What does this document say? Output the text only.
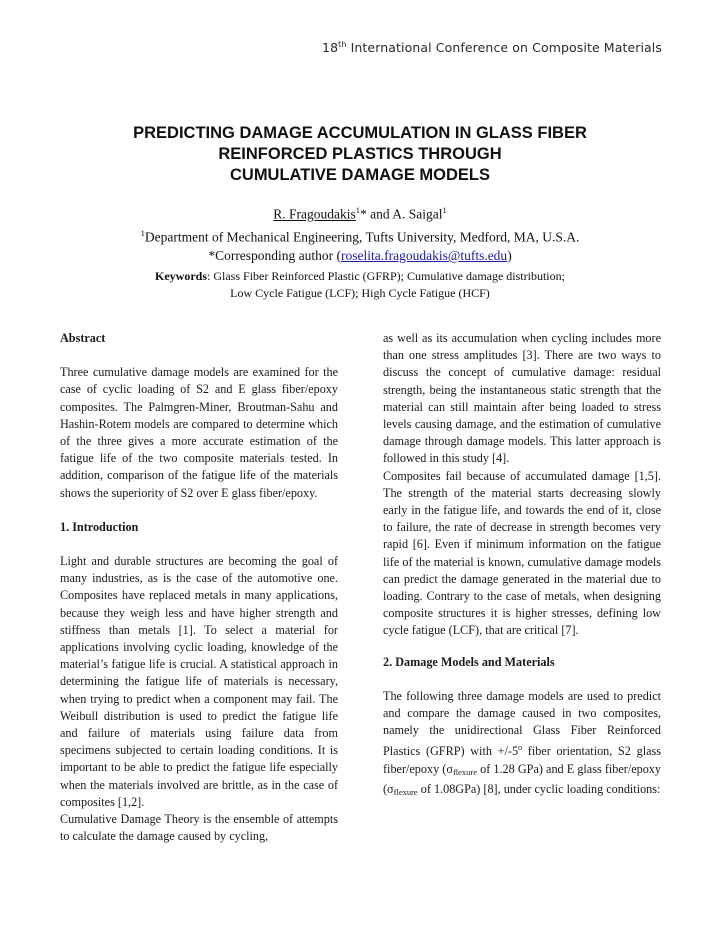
18th International Conference on Composite Materials
PREDICTING DAMAGE ACCUMULATION IN GLASS FIBER
REINFORCED PLASTICS THROUGH
CUMULATIVE DAMAGE MODELS
R. Fragoudakis$^1$* and A. Saigal$^1$
$^1$Department of Mechanical Engineering, Tufts University, Medford, MA, U.S.A.
*Corresponding author (roselita.fragoudakis@tufts.edu)
Keywords: Glass Fiber Reinforced Plastic (GFRP); Cumulative damage distribution;
Low Cycle Fatigue (LCF); High Cycle Fatigue (HCF)

Abstract

Three cumulative damage models are examined for the case of cyclic loading of S2 and E glass fiber/epoxy composites. The Palmgren-Miner, Broutman-Sahu and Hashin-Rotem models are compared to determine which of the three gives a more accurate estimation of the fatigue life of the two composite materials tested. In addition, comparison of the fatigue life of the materials shows the superiority of S2 over E glass fiber/epoxy.

1. Introduction

Light and durable structures are becoming the goal of many industries, as is the case of the automotive one. Composites have replaced metals in many applications, because they weigh less and have higher strength and stiffness than metals [1]. To select a material for applications involving cyclic loading, knowledge of the material’s fatigue life is crucial. A statistical approach in determining the fatigue life of materials is necessary, when trying to predict when a component may fail. The Weibull distribution is used to predict the fatigue life and failure of materials using failure data from specimens subjected to certain loading conditions. It is important to be able to predict the fatigue life especially when the materials involved are brittle, as in the case of composites [1,2].

Cumulative Damage Theory is the ensemble of attempts to calculate the damage caused by cycling,

as well as its accumulation when cycling includes more than one stress amplitudes [3]. There are two ways to discuss the concept of cumulative damage: residual strength, being the instantaneous static strength that the material can still maintain after being loaded to stress levels causing damage, and the estimation of cumulative damage through damage models. This latter approach is followed in this study [4].

Composites fail because of accumulated damage [1,5]. The strength of the material starts decreasing slowly early in the fatigue life, and towards the end of it, close to failure, the rate of decrease in strength becomes very rapid [6]. Even if minimum information on the fatigue life of the material is known, cumulative damage models can predict the damage generated in the material due to loading. Contrary to the case of metals, when designing composite structures it is higher stresses, defining low cycle fatigue (LCF), that are critical [7].

2. Damage Models and Materials

The following three damage models are used to predict and compare the damage caused in two composites, namely the unidirectional Glass Fiber Reinforced Plastics (GFRP) with $+/-5^o$ fiber orientation, S2 glass fiber/epoxy ($\sigma_{flexure}$ of 1.28 GPa) and E glass fiber/epoxy ($\sigma_{flexure}$ of 1.08GPa) [8], under cyclic loading conditions:
